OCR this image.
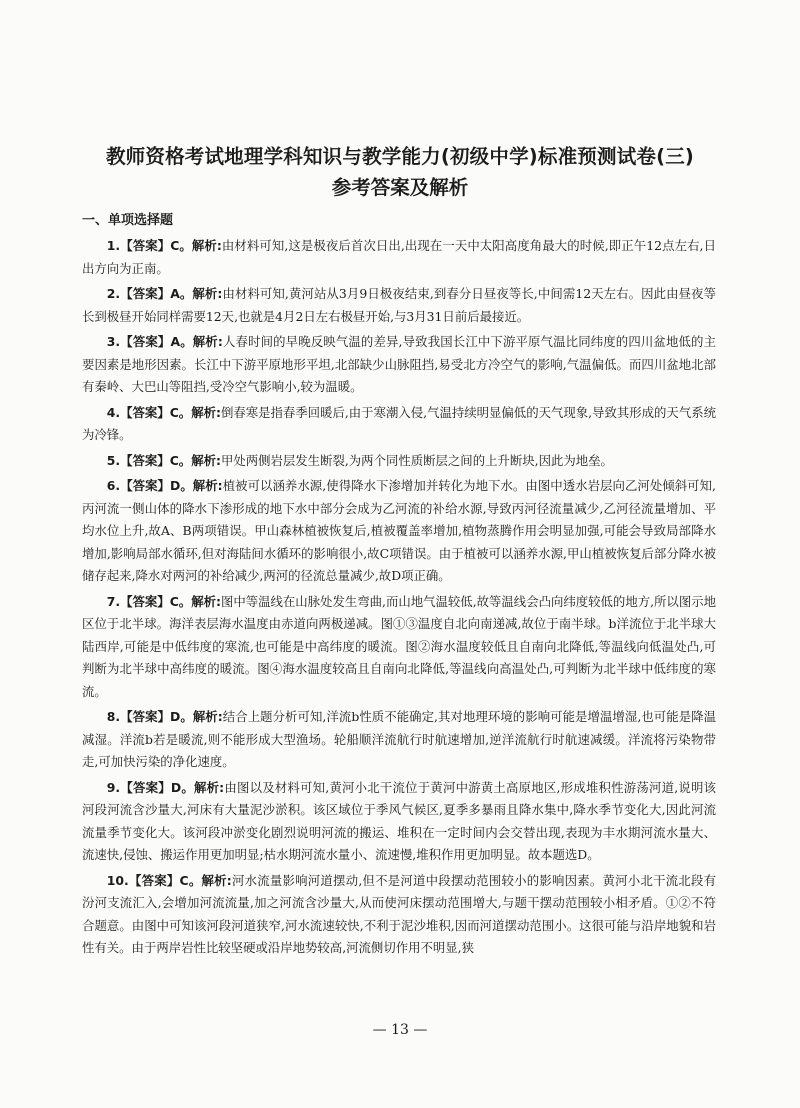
教师资格考试地理学科知识与教学能力(初级中学)标准预测试卷(三)
参考答案及解析
一、单项选择题

1.【答案】C。解析:由材料可知,这是极夜后首次日出,出现在一天中太阳高度角最大的时候,即正午12点左右,日出方向为正南。

2.【答案】A。解析:由材料可知,黄河站从3月9日极夜结束,到春分日昼夜等长,中间需12天左右。因此由昼夜等长到极昼开始同样需要12天,也就是4月2日左右极昼开始,与3月31日前后最接近。

3.【答案】A。解析:人春时间的早晚反映气温的差异,导致我国长江中下游平原气温比同纬度的四川盆地低的主要因素是地形因素。长江中下游平原地形平坦,北部缺少山脉阻挡,易受北方冷空气的影响,气温偏低。而四川盆地北部有秦岭、大巴山等阻挡,受冷空气影响小,较为温暖。

4.【答案】C。解析:倒春寒是指春季回暖后,由于寒潮入侵,气温持续明显偏低的天气现象,导致其形成的天气系统为冷锋。

5.【答案】C。解析:甲处两侧岩层发生断裂,为两个同性质断层之间的上升断块,因此为地垒。

6.【答案】D。解析:植被可以涵养水源,使得降水下渗增加并转化为地下水。由图中透水岩层向乙河处倾斜可知,丙河流一侧山体的降水下渗形成的地下水中部分会成为乙河流的补给水源,导致丙河径流量减少,乙河径流量增加、平均水位上升,故A、B两项错误。甲山森林植被恢复后,植被覆盖率增加,植物蒸腾作用会明显加强,可能会导致局部降水增加,影响局部水循环,但对海陆间水循环的影响很小,故C项错误。由于植被可以涵养水源,甲山植被恢复后部分降水被储存起来,降水对两河的补给减少,两河的径流总量减少,故D项正确。

7.【答案】C。解析:图中等温线在山脉处发生弯曲,而山地气温较低,故等温线会凸向纬度较低的地方,所以图示地区位于北半球。海洋表层海水温度由赤道向两极递减。图①③温度自北向南递减,故位于南半球。b洋流位于北半球大陆西岸,可能是中低纬度的寒流,也可能是中高纬度的暖流。图②海水温度较低且自南向北降低,等温线向低温处凸,可判断为北半球中高纬度的暖流。图④海水温度较高且自南向北降低,等温线向高温处凸,可判断为北半球中低纬度的寒流。

8.【答案】D。解析:结合上题分析可知,洋流b性质不能确定,其对地理环境的影响可能是增温增湿,也可能是降温减湿。洋流b若是暖流,则不能形成大型渔场。轮船顺洋流航行时航速增加,逆洋流航行时航速减缓。洋流将污染物带走,可加快污染的净化速度。

9.【答案】D。解析:由图以及材料可知,黄河小北干流位于黄河中游黄土高原地区,形成堆积性游荡河道,说明该河段河流含沙量大,河床有大量泥沙淤积。该区域位于季风气候区,夏季多暴雨且降水集中,降水季节变化大,因此河流流量季节变化大。该河段冲淤变化剧烈说明河流的搬运、堆积在一定时间内会交替出现,表现为丰水期河流水量大、流速快,侵蚀、搬运作用更加明显;枯水期河流水量小、流速慢,堆积作用更加明显。故本题选D。

10.【答案】C。解析:河水流量影响河道摆动,但不是河道中段摆动范围较小的影响因素。黄河小北干流北段有汾河支流汇入,会增加河流流量,加之河流含沙量大,从而使河床摆动范围增大,与题干摆动范围较小相矛盾。①②不符合题意。由图中可知该河段河道狭窄,河水流速较快,不利于泥沙堆积,因而河道摆动范围小。这很可能与沿岸地貌和岩性有关。由于两岸岩性比较坚硬或沿岸地势较高,河流侧切作用不明显,狭

— 13 —
